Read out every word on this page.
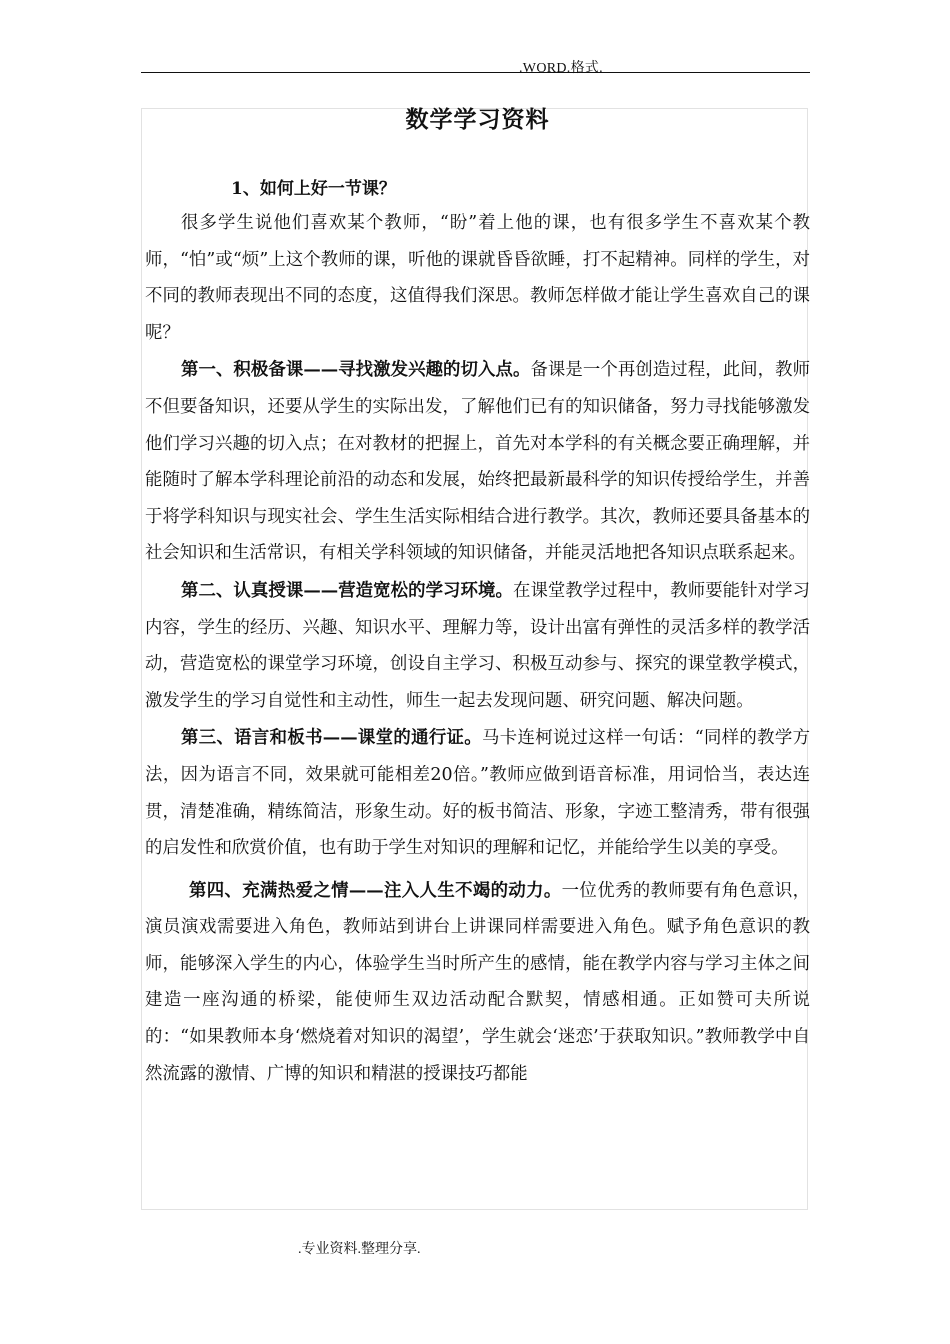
.WORD.格式.
数学学习资料
1、如何上好一节课？

很多学生说他们喜欢某个教师，“盼”着上他的课，也有很多学生不喜欢某个教师，“怕”或“烦”上这个教师的课，听他的课就昏昏欲睡，打不起精神。同样的学生，对不同的教师表现出不同的态度，这值得我们深思。教师怎样做才能让学生喜欢自己的课呢？

第一、积极备课——寻找激发兴趣的切入点。备课是一个再创造过程，此间，教师不但要备知识，还要从学生的实际出发，了解他们已有的知识储备，努力寻找能够激发他们学习兴趣的切入点；在对教材的把握上，首先对本学科的有关概念要正确理解，并能随时了解本学科理论前沿的动态和发展，始终把最新最科学的知识传授给学生，并善于将学科知识与现实社会、学生生活实际相结合进行教学。其次，教师还要具备基本的社会知识和生活常识，有相关学科领域的知识储备，并能灵活地把各知识点联系起来。

第二、认真授课——营造宽松的学习环境。在课堂教学过程中，教师要能针对学习内容，学生的经历、兴趣、知识水平、理解力等，设计出富有弹性的灵活多样的教学活动，营造宽松的课堂学习环境，创设自主学习、积极互动参与、探究的课堂教学模式，激发学生的学习自觉性和主动性，师生一起去发现问题、研究问题、解决问题。

第三、语言和板书——课堂的通行证。马卡连柯说过这样一句话：“同样的教学方法，因为语言不同，效果就可能相差20倍。”教师应做到语音标准，用词恰当，表达连贯，清楚准确，精练简洁，形象生动。好的板书简洁、形象，字迹工整清秀，带有很强的启发性和欣赏价值，也有助于学生对知识的理解和记忆，并能给学生以美的享受。

第四、充满热爱之情——注入人生不竭的动力。一位优秀的教师要有角色意识，演员演戏需要进入角色，教师站到讲台上讲课同样需要进入角色。赋予角色意识的教师，能够深入学生的内心，体验学生当时所产生的感情，能在教学内容与学习主体之间建造一座沟通的桥梁，能使师生双边活动配合默契，情感相通。正如赞可夫所说的：“如果教师本身‘燃烧着对知识的渴望’，学生就会‘迷恋’于获取知识。”教师教学中自然流露的激情、广博的知识和精湛的授课技巧都能

.专业资料.整理分享.
